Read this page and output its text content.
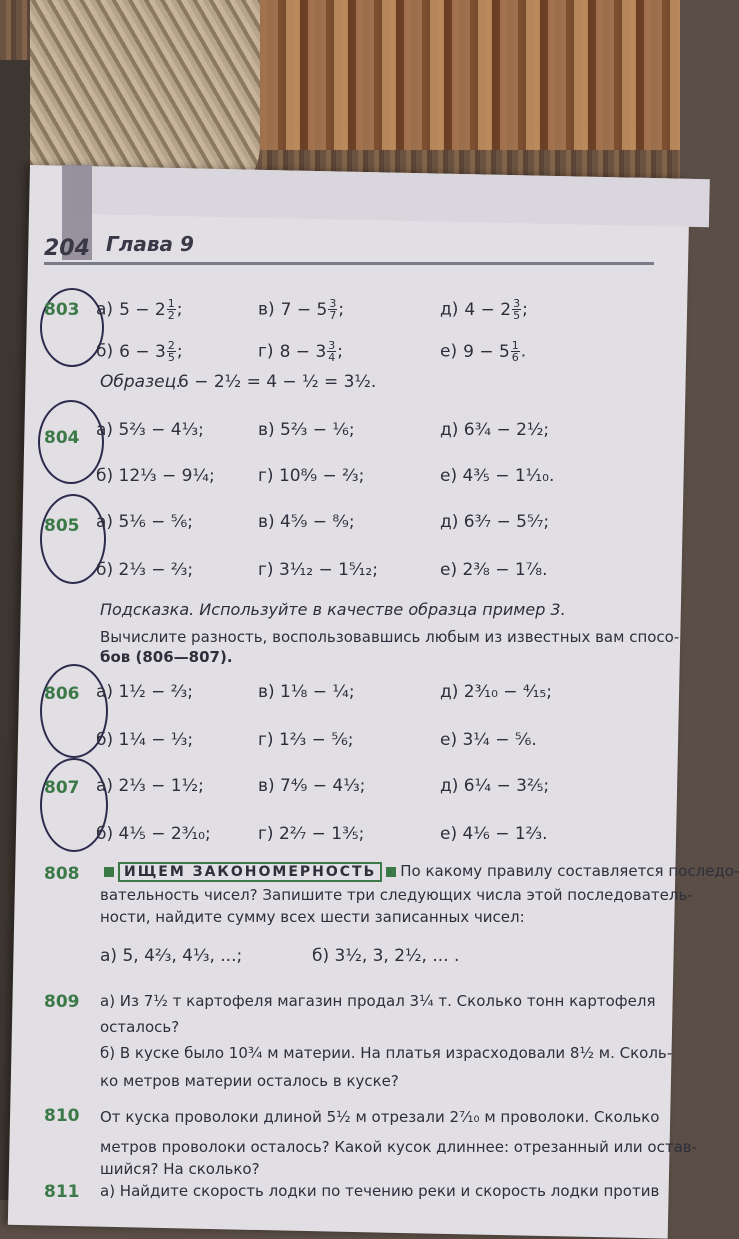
204 Глава 9
803 а) $5 - 2 \frac{1}{2}$ ;	в) $7 - 5 \frac{3}{7}$ ;	д) $4 - 2 \frac{3}{5}$ ;
б) $6 - 3 \frac{2}{5}$ ;	г) $8 - 3 \frac{3}{4}$ ;	е) $9 - 5 \frac{1}{6}$ .
Образец.
6 − 2½ = 4 − ½ = 3½.
804 а) 5⅔ − 4⅓;	в) 5⅔ − ⅙;	д) 6¾ − 2½;
б) 12⅓ − 9¼;	г) 10⁸⁄₉ − ⅔;	е) 4⅗ − 1¹⁄₁₀.
805 а) 5⅙ − ⅚;	в) 4⁵⁄₉ − ⁸⁄₉;	д) 6³⁄₇ − 5⁵⁄₇;
б) 2⅓ − ⅔;	г) 3¹⁄₁₂ − 1⁵⁄₁₂;	е) 2⅜ − 1⅞.
Подсказка. Используйте в качестве образца пример 3.
Вычислите разность, воспользовавшись любым из известных вам спосо-
бов (806—807).
806 а) 1½ − ⅔;	в) 1⅛ − ¼;	д) 2³⁄₁₀ − ⁴⁄₁₅;
б) 1¼ − ⅓;	г) 1⅔ − ⅚;	е) 3¼ − ⅚.
807 а) 2⅓ − 1½;	в) 7⁴⁄₉ − 4⅓;	д) 6¼ − 3⅖;
б) 4⅕ − 2³⁄₁₀;	г) 2²⁄₇ − 1⅗;	е) 4⅙ − 1⅔.
808	ИЩЕМ ЗАКОНОМЕРНОСТЬ По какому правилу составляется последо-
вательность чисел? Запишите три следующих числа этой последователь-
ности, найдите сумму всех шести записанных чисел:
а) 5, 4⅔, 4⅓, ...;	б) 3½, 3, 2½, ... .
809 а) Из 7½ т картофеля магазин продал 3¼ т. Сколько тонн картофеля
осталось?
б) В куске было 10¾ м материи. На платья израсходовали 8½ м. Сколь-
ко метров материи осталось в куске?
810 От куска проволоки длиной 5½ м отрезали 2⁷⁄₁₀ м проволоки. Сколько
метров проволоки осталось? Какой кусок длиннее: отрезанный или остав-
шийся? На сколько?
811 а) Найдите скорость лодки по течению реки и скорость лодки против
